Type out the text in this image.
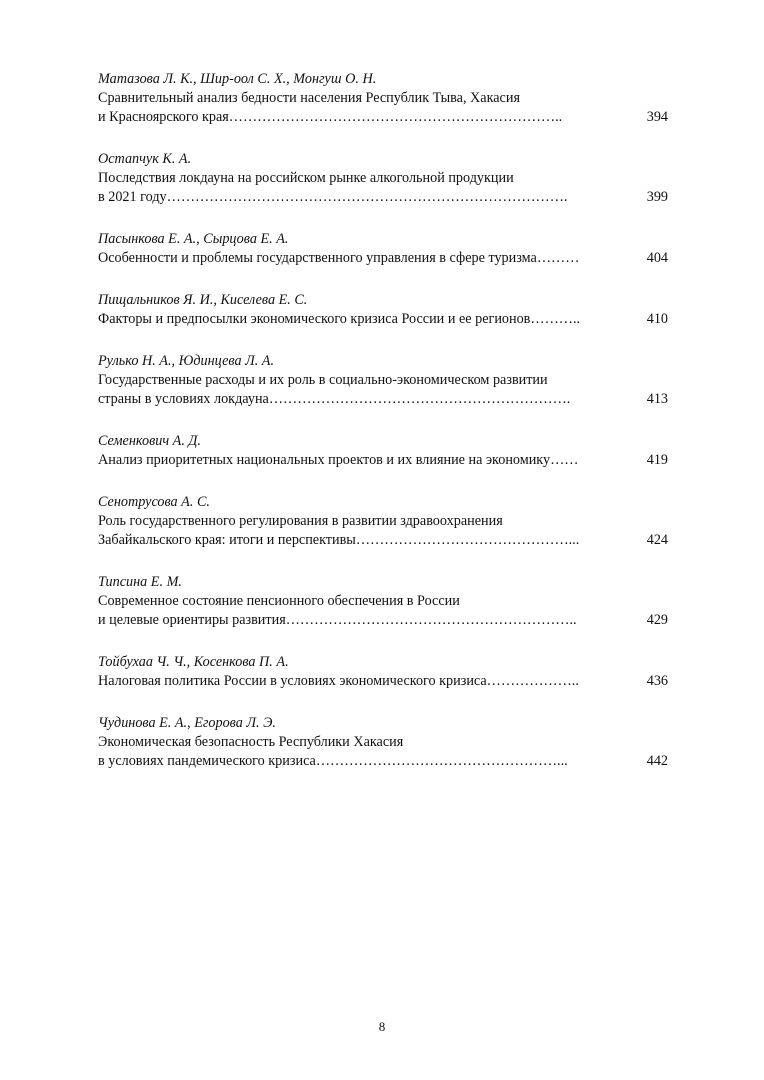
Матазова Л. К., Шир-оол С. Х., Монгуш О. Н.
Сравнительный анализ бедности населения Республик Тыва, Хакасия
и Красноярского края……………………………………………………………..	394
Остапчук К. А.
Последствия локдауна на российском рынке алкогольной продукции
в 2021 году………………………………………………………………………….	399
Пасынкова Е. А., Сырцова Е. А.
Особенности и проблемы государственного управления в сфере туризма………	404
Пищальников Я. И., Киселева Е. С.
Факторы и предпосылки экономического кризиса России и ее регионов………..	410
Рулько Н. А., Юдинцева Л. А.
Государственные расходы и их роль в социально-экономическом развитии
страны в условиях локдауна……………………………………………………….	413
Семенкович А. Д.
Анализ приоритетных национальных проектов и их влияние на экономику……	419
Сенотрусова А. С.
Роль государственного регулирования в развитии здравоохранения
Забайкальского края: итоги и перспективы………………………………………...	424
Типсина Е. М.
Современное состояние пенсионного обеспечения в России
и целевые ориентиры развития……………………………………………………..	429
Тойбухаа Ч. Ч., Косенкова П. А.
Налоговая политика России в условиях экономического кризиса………………..	436
Чудинова Е. А., Егорова Л. Э.
Экономическая безопасность Республики Хакасия
в условиях пандемического кризиса……………………………………………...	442
8
